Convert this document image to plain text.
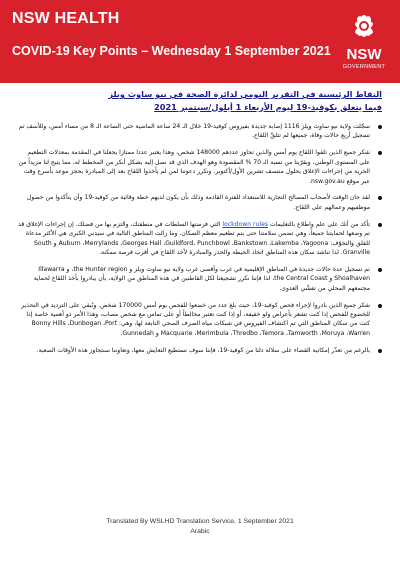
NSW HEALTH
COVID-19 Key Points – Wednesday 1 September 2021	NSW
GOVERNMENT
النقاط الرئيسية في التقرير اليومي لدائرة الصحة في نيو ساوث ويلز
فيما يتعلق بكوفيد-19 ليوم الأربعاء 1 أيلول/سبتمبر 2021
سجّلت ولاية نيو ساوث ويلز 1116 إصابة جديدة بفيروس كوفيد-19 خلال الـ 24 ساعة الماضية حتى الساعة الـ 8 من مساء أمس، وللأسف تم تسجيل أربع حالات وفاة، جميعها لم تتلقَّ اللقاح.
شكر جميع الذين تلقوا اللقاح يوم أمس والذين تجاوز عددهم 148000 شخص، وهذا يعتبر عددا ممتازا يجعلنا في المقدمة بمعدلات التطعيم على المستوى الوطني، ويقرّبنا من نسبة الـ 70 % المقصودة وهو الهدف الذي قد نصل إليه بشكل أبكر من المخطط له، مما يتيح لنا مزيداً من الحرية من إجراءات الإغلاق بحلول منتصف تشرين الأول/أكتوبر. ونكرر دعوتنا لمن لم يأخذوا اللقاح بعد إلى المبادرة بحجز موعد بأسرع وقت عبر موقع nsw.gov.au.
لقد حان الوقت لأصحاب المصالح التجارية للاستعداد للفترة القادمة وذلك بأن يكون لديهم خطة وقائية من كوفيد-19 وأن يتأكدوا من حصول موظفيهم وعمالهم على اللقاح.
تأكد من أنك على علم واطلاع بالتعليمات lockdown rules التي فرضتها السلطات في منطقتك، والتزم بها من فضلك. إن إجراءات الإغلاق قد تم وضعها لحمايتنا جميعاً، وهي تضمن سلامتنا حتى يتم تطعيم معظم السكان. وما زالت المناطق التالية في سيدني الكبرى هي الأكثر مدعاة للقلق والتخوّف: Auburn ،Merrylands ،Georges Hall ،Guildford، Punchbowl ،Bankstown ،Lakemba ،Yagoona و South Granville. لذا تناشد سكان هذه المناطق اتخاذ الحيطة والحذر والمبادرة لأخذ اللقاح في أقرب فرصة ممكنة.
تم تسجيل عدة حالات جديدة في المناطق الإقليمية في غرب وأقصى غرب ولاية نيو ساوث ويلز و the Hunter region، و Illawarra Shoalhaven و the Central Coast، لذا فإننا نكرر تشجيعنا لكل القاطنين في هذه المناطق من الولاية، بأن يبادروا بأخذ اللقاح لحماية مجتمعهم المحلي من تفشّي العدوى.
شكر جميع الذين بادروا لإجراء فحص كوفيد-19، حيث بلغ عدد من خضعوا للفحص يوم أمس 170000 شخص. ونُبقي على الترديد في التحذير للخضوع للفحص إذا كنت تشعر بأعراض ولو خفيفة، أو إذا كنت تعتبر مخالطاً أو على تماس مع شخص مصاب، وهذا الأمر ذو أهمية خاصة إذا كنت من سكان المناطق التي تم اكتشاف الفيروس في شبكات مياه الصرف الصحي التابعة لها، وهي: Bonny Hills ،Dunbogan ،Port Macquarie ،Merimbula ،Thredbo ،Temora ،Tamworth ،Moruya ،Warren و Gunnedah.
بالرغم من تعذّر إمكانية القضاء على سلالة دلتا من كوفيد-19، فإننا سوف نستطيع التعايش معها، وتعاوننا سنتجاوز هذه الأوقات الصعبة.
Translated By WSLHD Translation Service, 1 September 2021
Arabic
